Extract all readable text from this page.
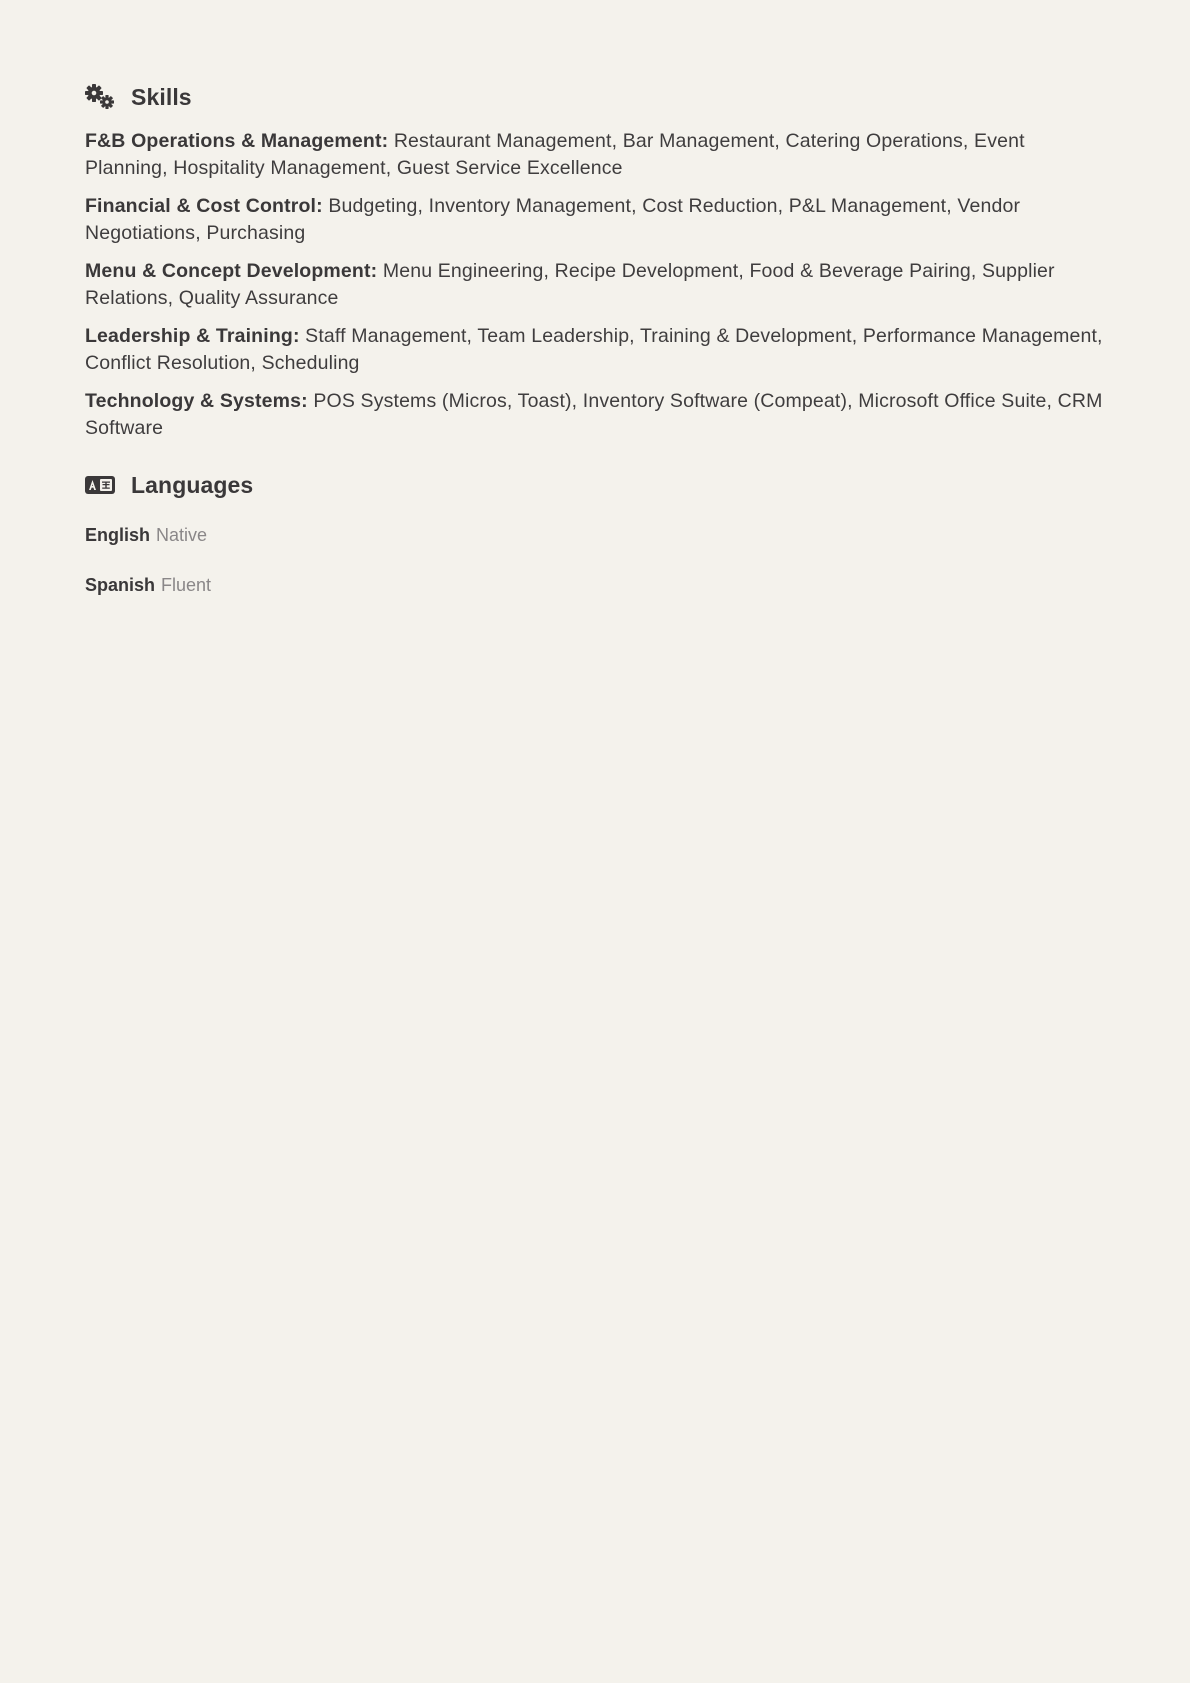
Skills

F&B Operations & Management: Restaurant Management, Bar Management, Catering Operations, Event Planning, Hospitality Management, Guest Service Excellence

Financial & Cost Control: Budgeting, Inventory Management, Cost Reduction, P&L Management, Vendor Negotiations, Purchasing

Menu & Concept Development: Menu Engineering, Recipe Development, Food & Beverage Pairing, Supplier Relations, Quality Assurance

Leadership & Training: Staff Management, Team Leadership, Training & Development, Performance Management, Conflict Resolution, Scheduling

Technology & Systems: POS Systems (Micros, Toast), Inventory Software (Compeat), Microsoft Office Suite, CRM Software

Languages

English Native

Spanish Fluent
